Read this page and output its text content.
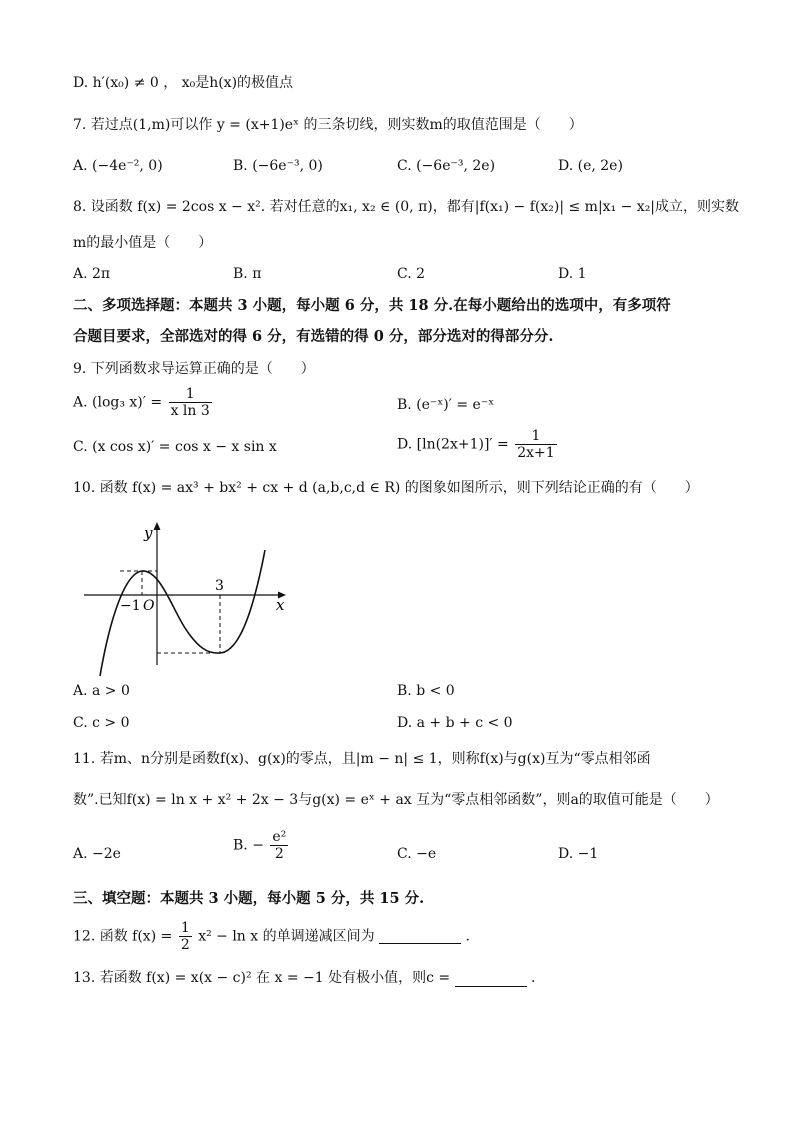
D. h′(x₀) ≠ 0 ， x₀是h(x)的极值点
7. 若过点(1,m)可以作 y = (x+1)eˣ 的三条切线，则实数m的取值范围是（　　）
A. (−4e⁻², 0)	B. (−6e⁻³, 0)	C. (−6e⁻³, 2e)	D. (e, 2e)
8. 设函数 f(x) = 2cos x − x². 若对任意的x₁, x₂ ∈ (0, π)，都有|f(x₁) − f(x₂)| ≤ m|x₁ − x₂|成立，则实数
m的最小值是（　　）
A. 2π	B. π	C. 2	D. 1
二、多项选择题：本题共 3 小题，每小题 6 分，共 18 分.在每小题给出的选项中，有多项符
合题目要求，全部选对的得 6 分，有选错的得 0 分，部分选对的得部分分.
9. 下列函数求导运算正确的是（　　）
A. (log₃ $x)' = \frac{1}{\text{x ln 3}}$	B. (e⁻ˣ)′ = e⁻ˣ
C. (x cos x)′ = cos x − x sin x	D. $[\ln(2x+1)]' = \frac{1}{2x+1}$
10. 函数 f(x) = ax³ + bx² + cx + d (a,b,c,d ∈ R) 的图象如图所示，则下列结论正确的有（　　）
y
x
O
−1
3
A. a > 0	B. b < 0
C. c > 0	D. a + b + c < 0
11. 若m、n分别是函数f(x)、g(x)的零点，且|m − n| ≤ 1，则称f(x)与g(x)互为“零点相邻函
数”.已知f(x) = ln x + x² + 2x − 3与g(x) = eˣ + ax 互为“零点相邻函数”，则a的取值可能是（　　）
A. −2e
B. − $\frac{\text{e²}}{2}$	C. −e	D. −1
三、填空题：本题共 3 小题，每小题 5 分，共 15 分.
12. 函数 $f(x) = \frac{1}{2} x^2 - \ln x$ 的单调递减区间为	.
13. 若函数 f(x) = x(x − c)² 在 x = −1 处有极小值，则c =	.
